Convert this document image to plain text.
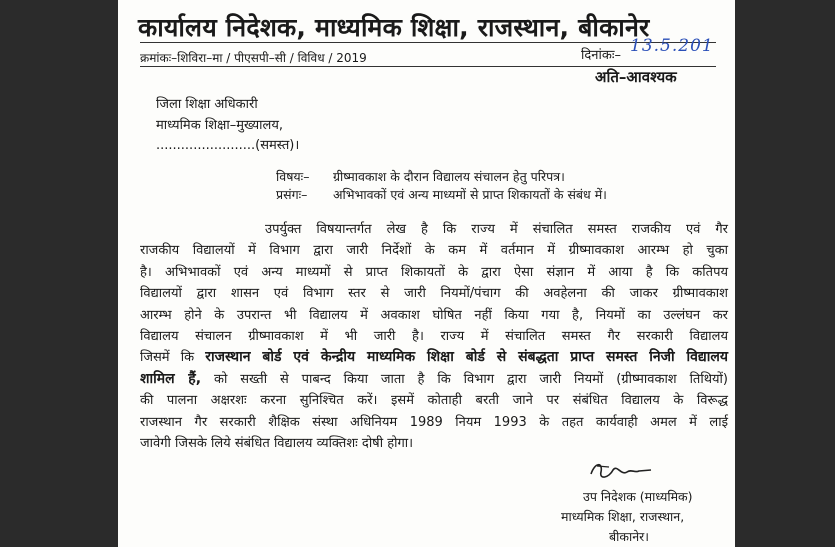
कार्यालय निदेशक, माध्यमिक शिक्षा, राजस्थान, बीकानेर
क्रमांकः–शिविरा–मा / पीएसपी–सी / विविध / 2019	दिनांकः– 13.5.201
अति–आवश्यक
जिला शिक्षा अधिकारी
माध्यमिक शिक्षा–मुख्यालय,
........................(समस्त)।
विषयः– ग्रीष्मावकाश के दौरान विद्यालय संचालन हेतु परिपत्र।
प्रसंगः– अभिभावकों एवं अन्य माध्यमों से प्राप्त शिकायतों के संबंध में।
उपर्युक्त विषयान्तर्गत लेख है कि राज्य में संचालित समस्त राजकीय एवं गैर
राजकीय विद्यालयों में विभाग द्वारा जारी निर्देशों के कम में वर्तमान में ग्रीष्मावकाश आरम्भ हो चुका
है। अभिभावकों एवं अन्य माध्यमों से प्राप्त शिकायतों के द्वारा ऐसा संज्ञान में आया है कि कतिपय
विद्यालयों द्वारा शासन एवं विभाग स्तर से जारी नियमों/पंचाग की अवहेलना की जाकर ग्रीष्मावकाश
आरम्भ होने के उपरान्त भी विद्यालय में अवकाश घोषित नहीं किया गया है, नियमों का उल्लंघन कर
विद्यालय संचालन ग्रीष्मावकाश में भी जारी है। राज्य में संचालित समस्त गैर सरकारी विद्यालय
जिसमें कि राजस्थान बोर्ड एवं केन्द्रीय माध्यमिक शिक्षा बोर्ड से संबद्धता प्राप्त समस्त निजी विद्यालय
शामिल हैं, को सख्ती से पाबन्द किया जाता है कि विभाग द्वारा जारी नियमों (ग्रीष्मावकाश तिथियों)
की पालना अक्षरशः करना सुनिश्चित करें। इसमें कोताही बरती जाने पर संबंधित विद्यालय के विरूद्ध
राजस्थान गैर सरकारी शैक्षिक संस्था अधिनियम 1989 नियम 1993 के तहत कार्यवाही अमल में लाई
जावेगी जिसके लिये संबंधित विद्यालय व्यक्तिशः दोषी होगा।
उप निदेशक (माध्यमिक)
माध्यमिक शिक्षा, राजस्थान,
बीकानेर।
